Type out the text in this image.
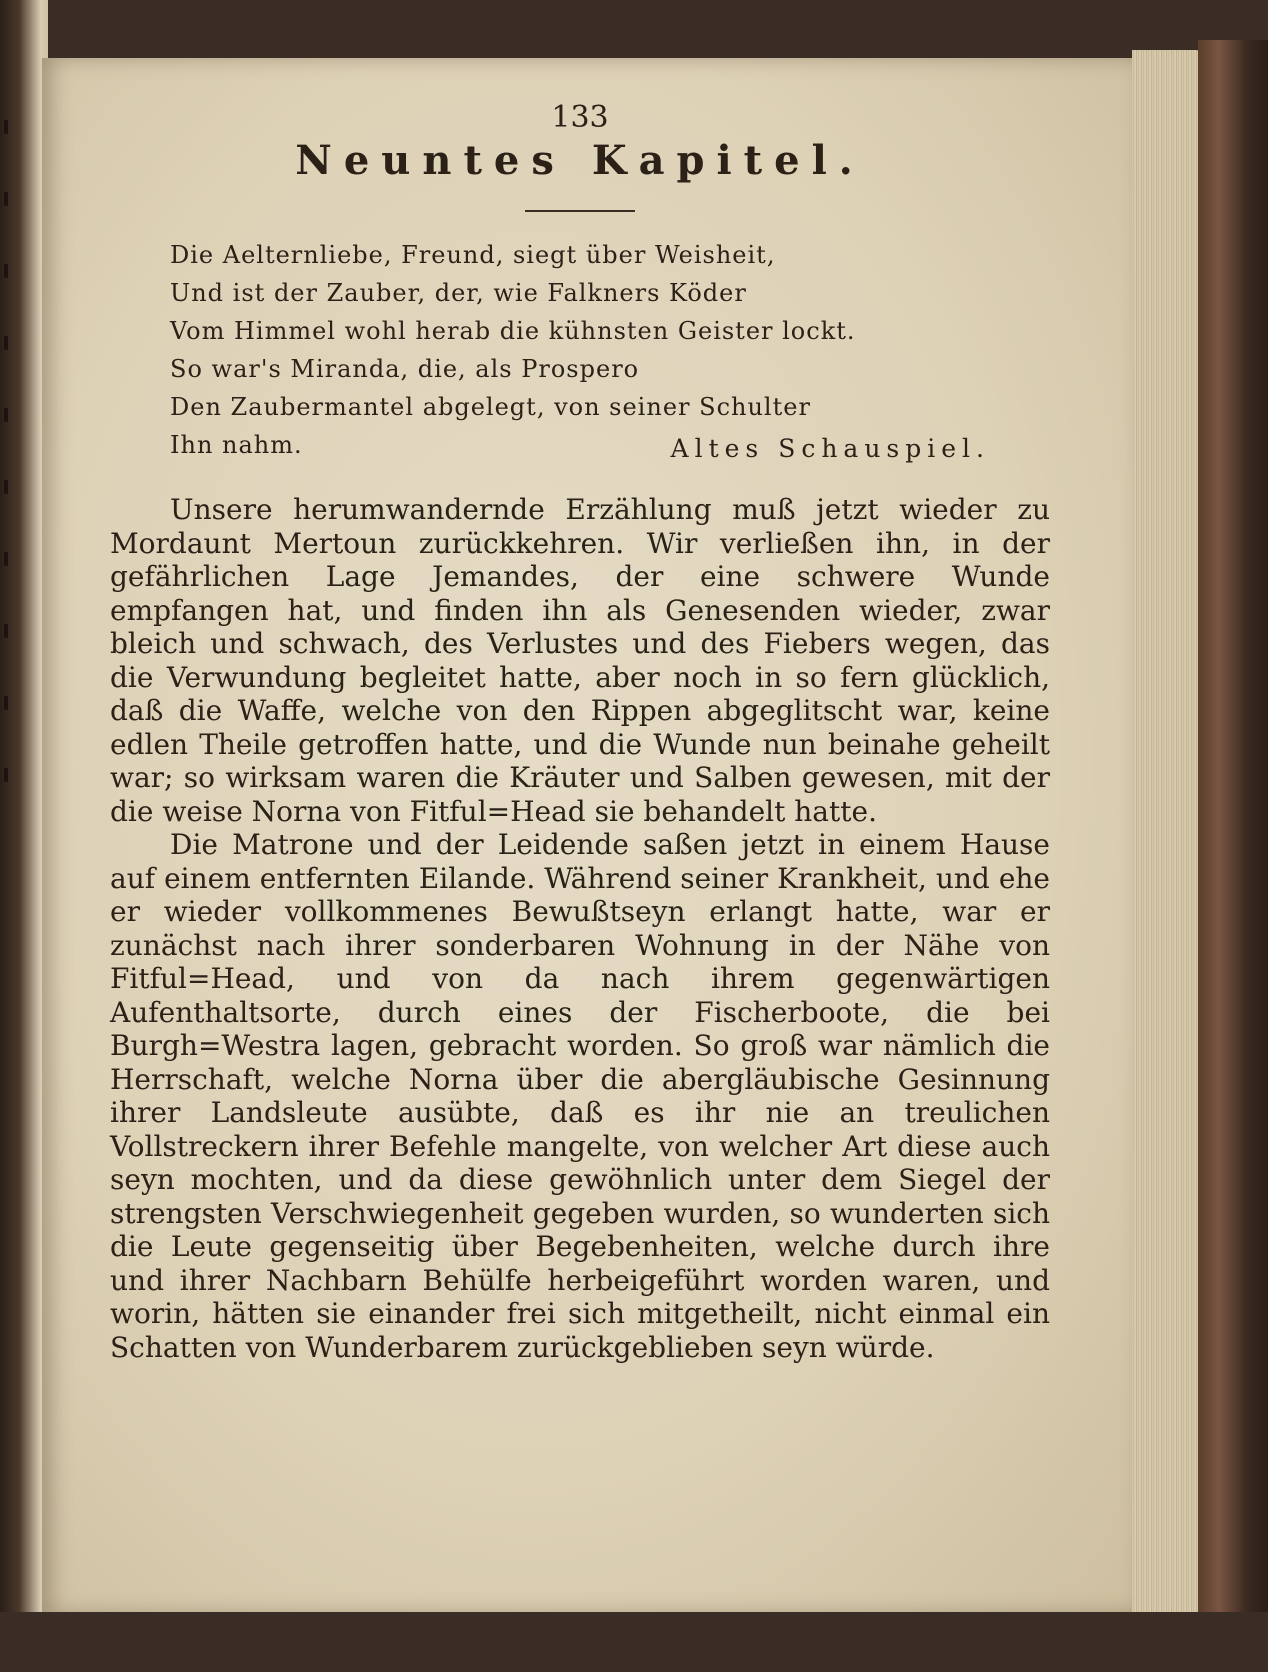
133
Neuntes Kapitel.
Die Aelternliebe, Freund, siegt über Weisheit,
Und ist der Zauber, der, wie Falkners Köder
Vom Himmel wohl herab die kühnsten Geister lockt.
So war's Miranda, die, als Prospero
Den Zaubermantel abgelegt, von seiner Schulter
Ihn nahm.	Altes Schauspiel.

Unsere herumwandernde Erzählung muß jetzt wieder zu Mordaunt Mertoun zurückkehren. Wir verließen ihn, in der gefährlichen Lage Jemandes, der eine schwere Wunde empfangen hat, und finden ihn als Genesenden wieder, zwar bleich und schwach, des Verlustes und des Fiebers wegen, das die Verwundung begleitet hatte, aber noch in so fern glücklich, daß die Waffe, welche von den Rippen abgeglitscht war, keine edlen Theile getroffen hatte, und die Wunde nun beinahe geheilt war; so wirksam waren die Kräuter und Salben gewesen, mit der die weise Norna von Fitful=Head sie behandelt hatte.

Die Matrone und der Leidende saßen jetzt in einem Hause auf einem entfernten Eilande. Während seiner Krankheit, und ehe er wieder vollkommenes Bewußtseyn erlangt hatte, war er zunächst nach ihrer sonderbaren Wohnung in der Nähe von Fitful=Head, und von da nach ihrem gegenwärtigen Aufenthaltsorte, durch eines der Fischerboote, die bei Burgh=Westra lagen, gebracht worden. So groß war nämlich die Herrschaft, welche Norna über die abergläubische Gesinnung ihrer Landsleute ausübte, daß es ihr nie an treulichen Vollstreckern ihrer Befehle mangelte, von welcher Art diese auch seyn mochten, und da diese gewöhnlich unter dem Siegel der strengsten Verschwiegenheit gegeben wurden, so wunderten sich die Leute gegenseitig über Begebenheiten, welche durch ihre und ihrer Nachbarn Behülfe herbeigeführt worden waren, und worin, hätten sie einander frei sich mitgetheilt, nicht einmal ein Schatten von Wunderbarem zurückgeblieben seyn würde.
